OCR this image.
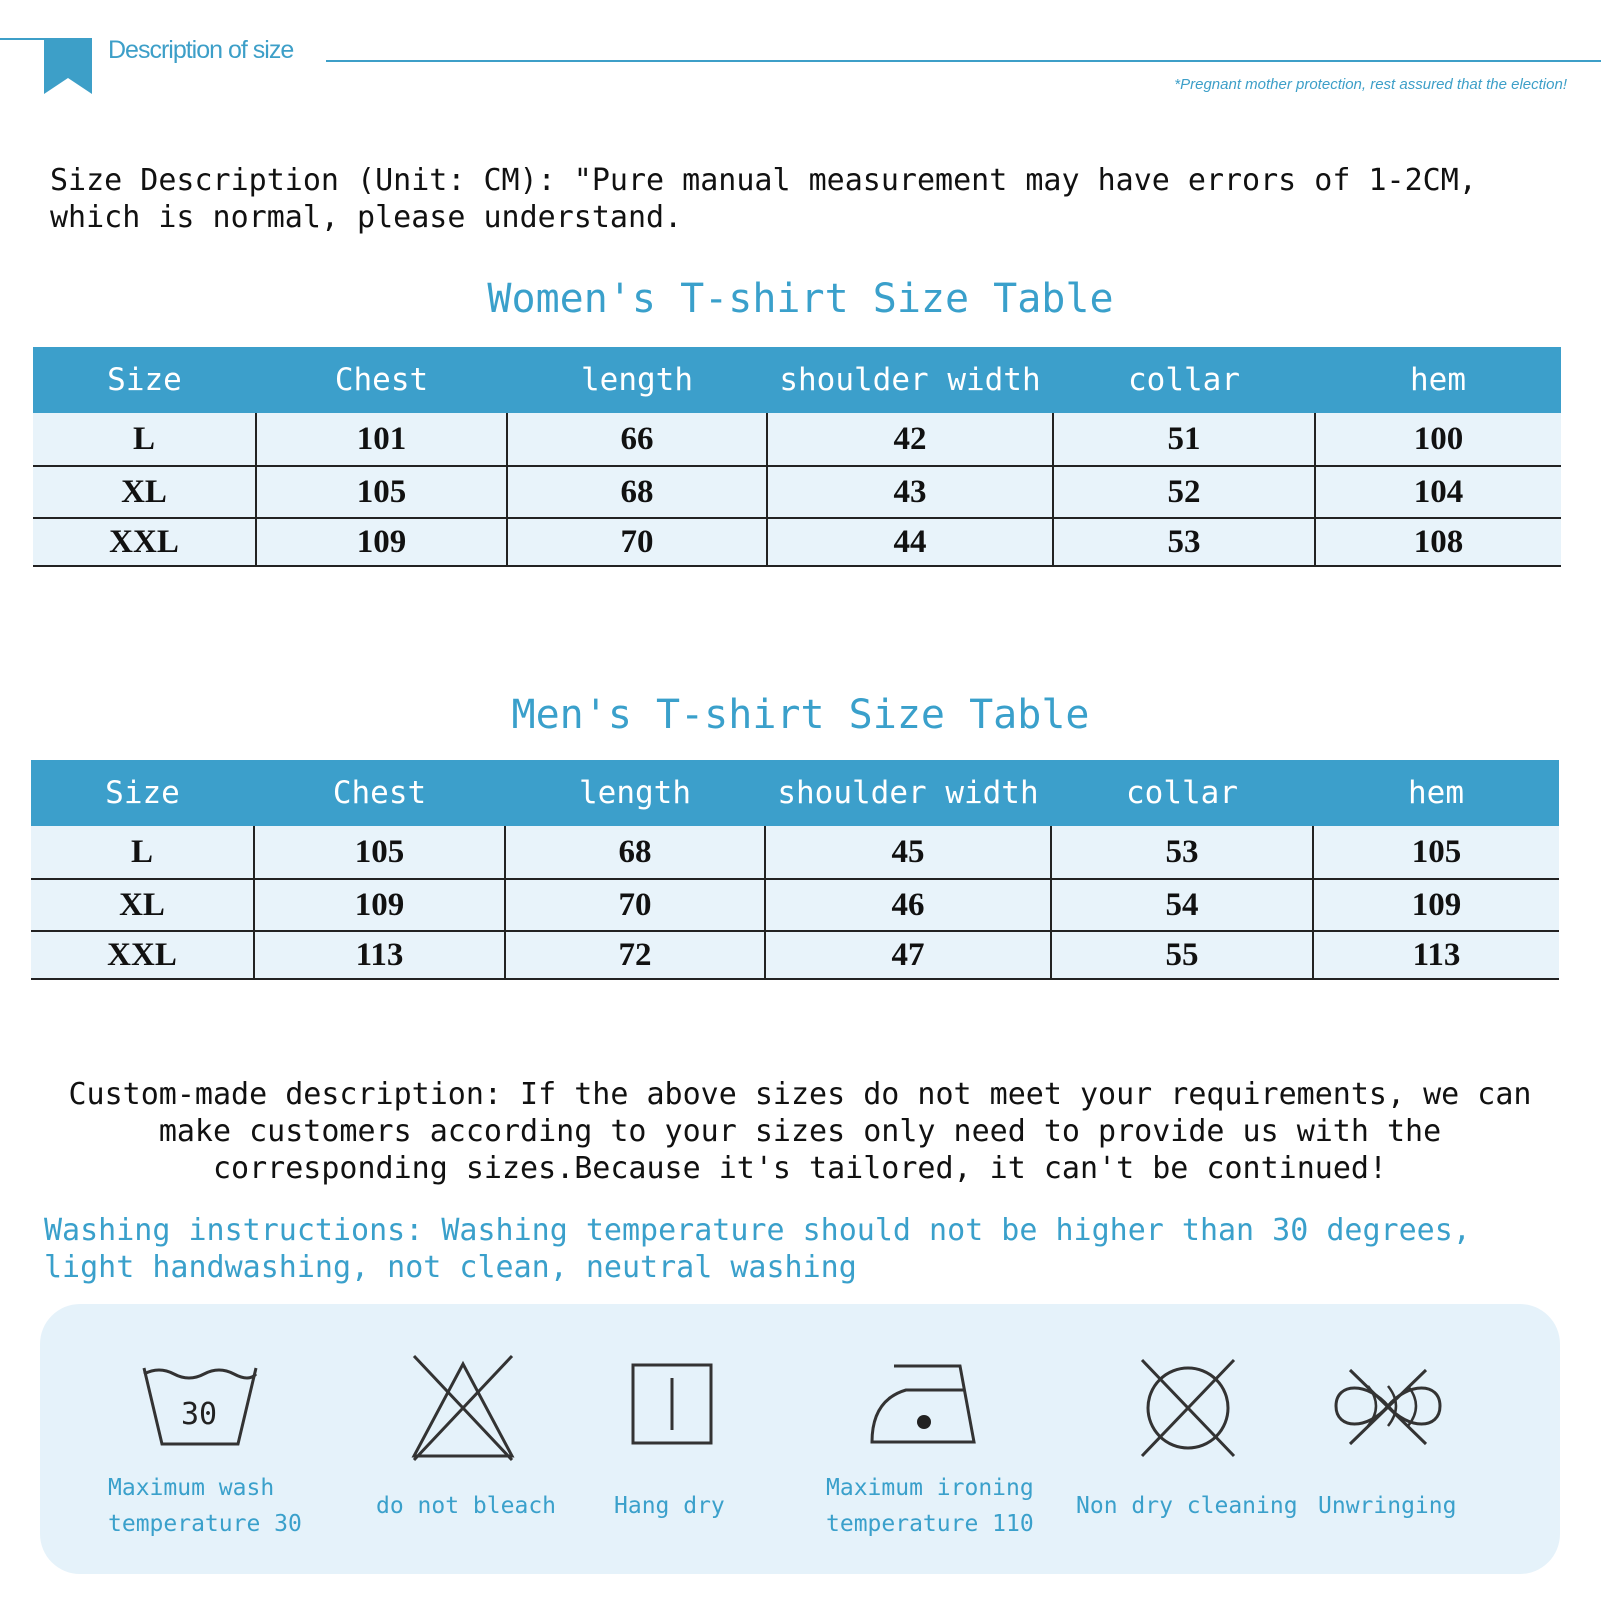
Description of size
*Pregnant mother protection, rest assured that the election!
Size Description (Unit: CM): "Pure manual measurement may have errors of 1-2CM,
which is normal, please understand.
Women's T-shirt Size Table
Size	Chest	length	shoulder width	collar	hem
L	101	66	42	51	100
XL	105	68	43	52	104
XXL	109	70	44	53	108
Men's T-shirt Size Table
Size	Chest	length	shoulder width	collar	hem
L	105	68	45	53	105
XL	109	70	46	54	109
XXL	113	72	47	55	113
Custom-made description: If the above sizes do not meet your requirements, we can
make customers according to your sizes only need to provide us with the
corresponding sizes.Because it's tailored, it can't be continued!
Washing instructions: Washing temperature should not be higher than 30 degrees,
light handwashing, not clean, neutral washing
30
Maximum wash
temperature 30
do not bleach	Hang dry
Maximum ironing
temperature 110
Non dry cleaning Unwringing
